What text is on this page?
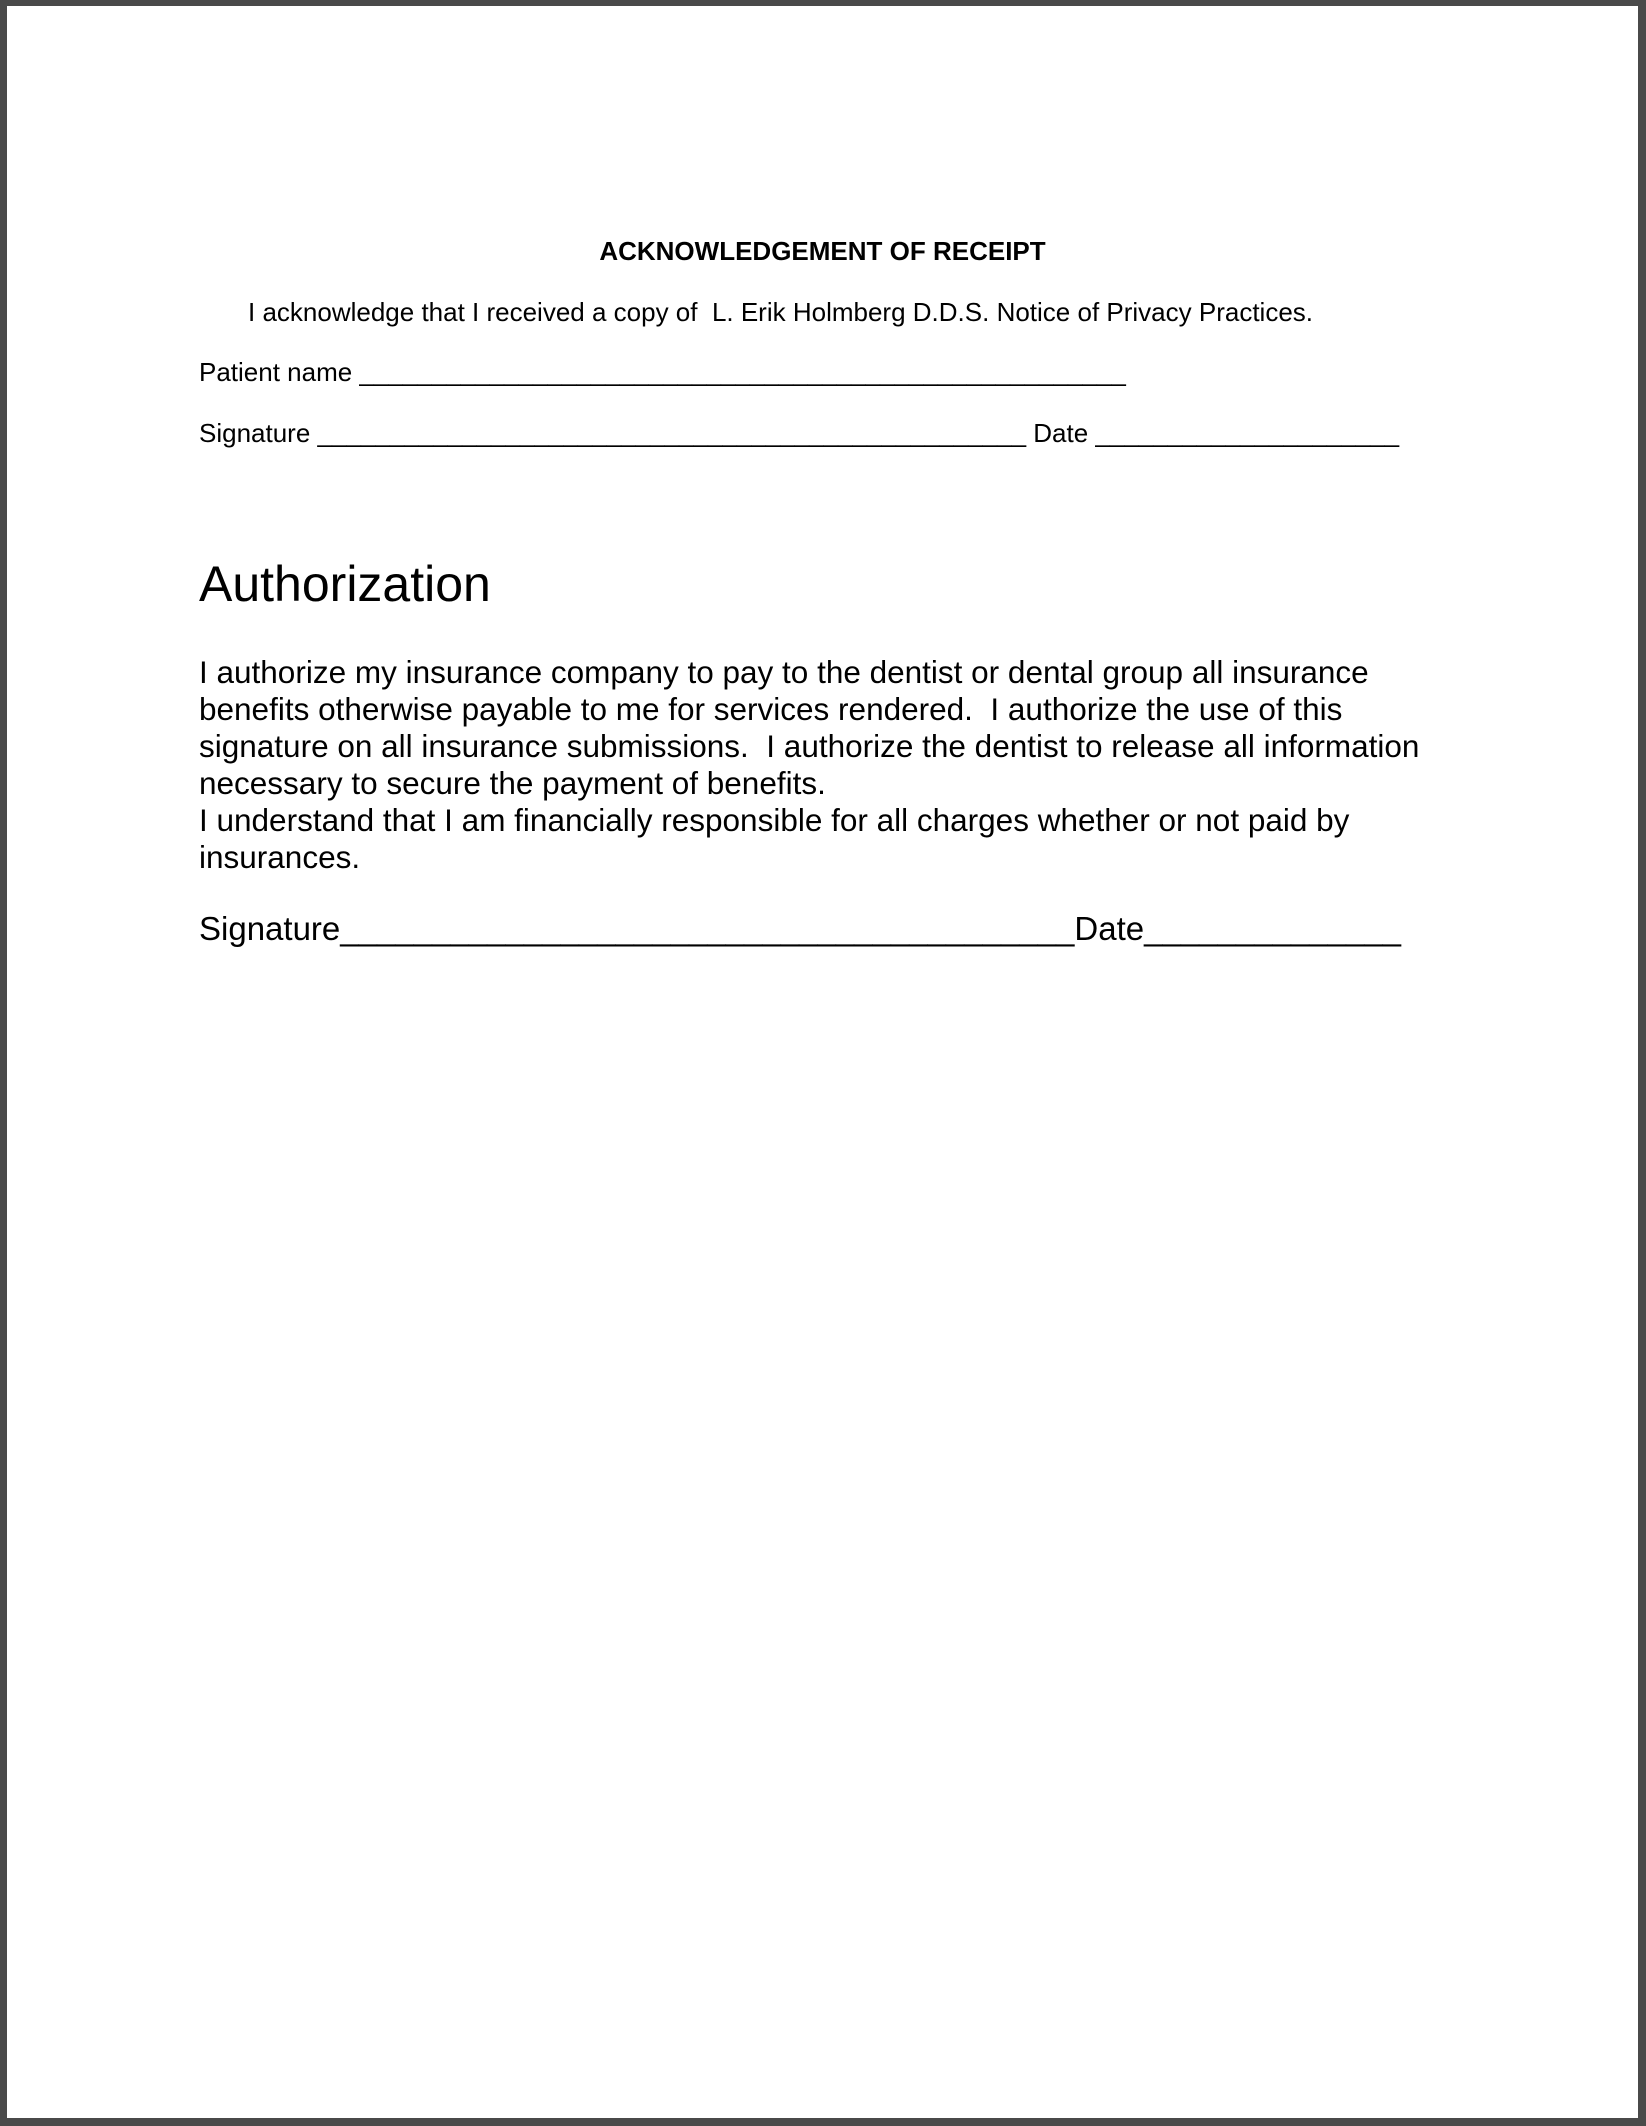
ACKNOWLEDGEMENT OF RECEIPT
I acknowledge that I received a copy of  L. Erik Holmberg D.D.S. Notice of Privacy Practices.
Patient name _____________________________________________________
Signature _________________________________________________ Date _____________________
Authorization
I authorize my insurance company to pay to the dentist or dental group all insurance
benefits otherwise payable to me for services rendered.  I authorize the use of this
signature on all insurance submissions.  I authorize the dentist to release all information
necessary to secure the payment of benefits.
I understand that I am financially responsible for all charges whether or not paid by
insurances.
Signature________________________________________Date______________
